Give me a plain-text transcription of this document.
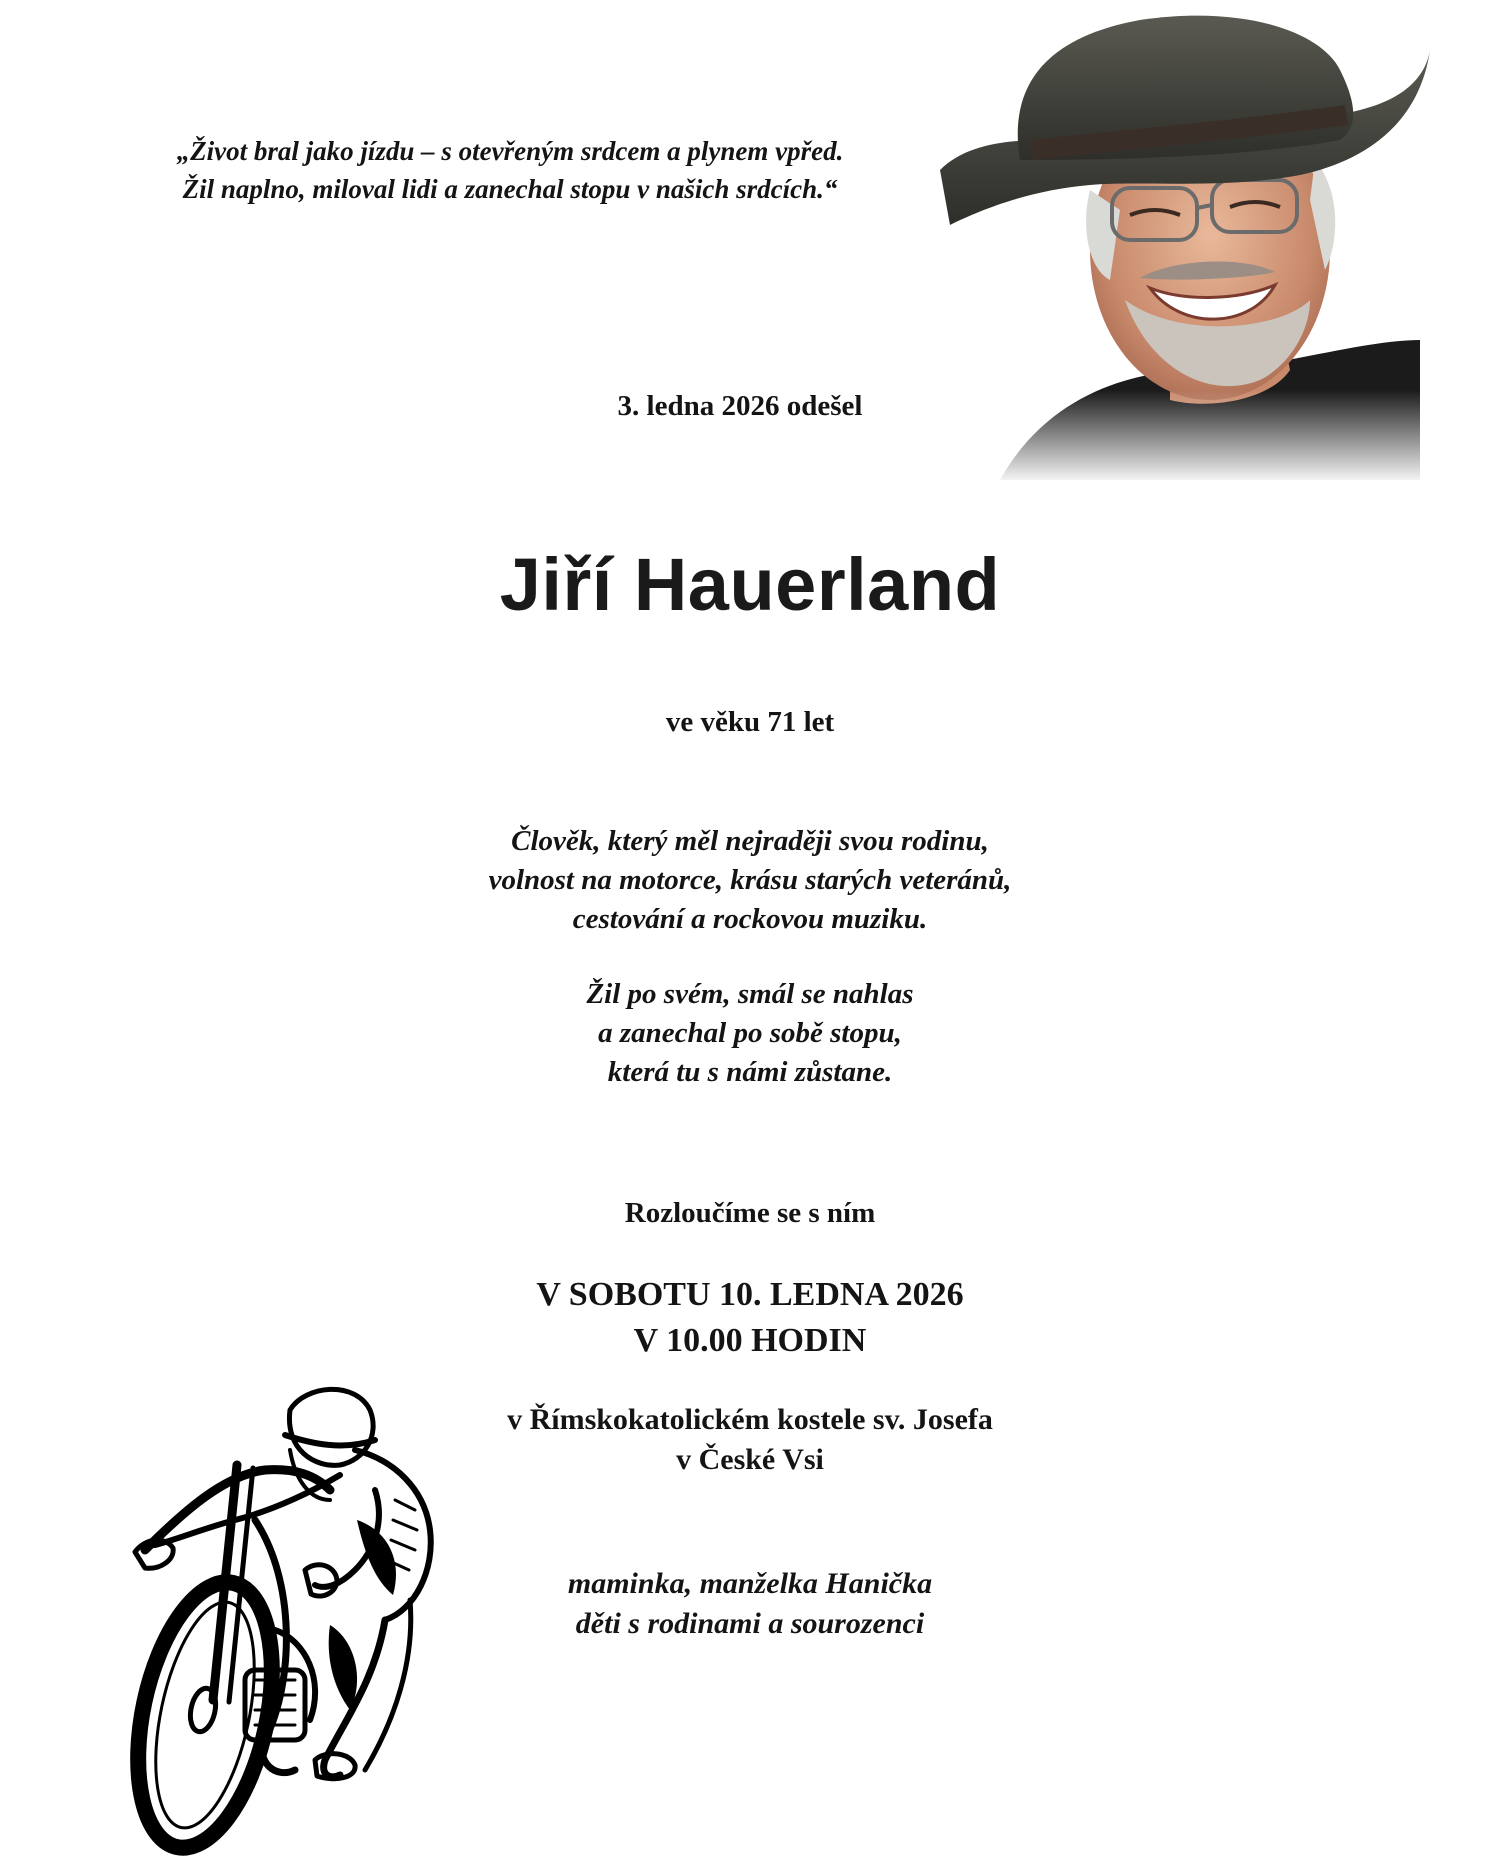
„Život bral jako jízdu – s otevřeným srdcem a plynem vpřed.
Žil naplno, miloval lidi a zanechal stopu v našich srdcích.“
3. ledna 2026 odešel
Jiří Hauerland
ve věku 71 let
Člověk, který měl nejraději svou rodinu,
volnost na motorce, krásu starých veteránů,
cestování a rockovou muziku.
Žil po svém, smál se nahlas
a zanechal po sobě stopu,
která tu s námi zůstane.
Rozloučíme se s ním
V SOBOTU 10. LEDNA 2026
V 10.00 HODIN
v Římskokatolickém kostele sv. Josefa
v České Vsi
maminka, manželka Hanička
děti s rodinami a sourozenci
